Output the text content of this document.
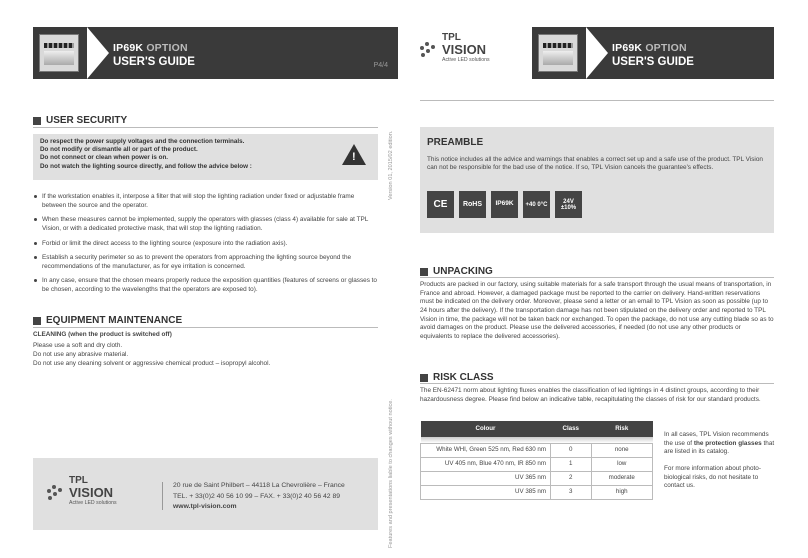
IP69K OPTION
USER'S GUIDE	P4/4
USER SECURITY

Do respect the power supply voltages and the connection terminals.

Do not modify or dismantle all or part of the product.

Do not connect or clean when power is on.

Do not watch the lighting source directly, and follow the advice below :

!
If the workstation enables it, interpose a filter that will stop the lighting radiation under fixed or adjustable frame between the source and the operator.
When these measures cannot be implemented, supply the operators with glasses (class 4) available for sale at TPL Vision, or with a dedicated protective mask, that will stop the lighting radiation.
Forbid or limit the direct access to the lighting source (exposure into the radiation axis).
Establish a security perimeter so as to prevent the operators from approaching the lighting source beyond the recommendations of the manufacturer, as for eye irritation is concerned.
In any case, ensure that the chosen means properly reduce the exposition quantities (features of screens or glasses to be chosen, according to the wavelengths that the operators are exposed to).
EQUIPMENT MAINTENANCE
CLEANING (when the product is switched off)
Please use a soft and dry cloth.
Do not use any abrasive material.
Do not use any cleaning solvent or aggressive chemical product – isopropyl alcohol.
TPL
VISION
Active LED solutions
20 rue de Saint Philbert – 44118 La Chevrolière – France
TEL. + 33(0)2 40 56 10 99 – FAX. + 33(0)2 40 56 42 89
www.tpl-vision.com
Version 01, 2015/02 edition.
Features and presentations liable to changes without notice.
TPL
VISION
Active LED solutions
IP69K OPTION
USER'S GUIDE
PREAMBLE

This notice includes all the advice and warnings that enables a correct set up and a safe use of the product. TPL Vision can not be responsible for the bad use of the notice. If so, TPL Vision cancels the guarantee's effects.

CE	RoHS	IP69K	+40 0°C	24V ±10%
UNPACKING
Products are packed in our factory, using suitable materials for a safe transport through the usual means of transportation, in France and abroad. However, a damaged package must be reported to the carrier on delivery. Hand-written reservations must be indicated on the delivery order. Moreover, please send a letter or an email to TPL Vision as soon as possible (up to 24 hours after the delivery). If the transportation damage has not been stipulated on the delivery order and reported to TPL Vision in time, the package will not be taken back nor exchanged. To open the package, do not use any cutting blade so as to avoid damages on the product. Please use the delivered accessories, if needed (do not use any other products or equivalents to replace the delivered accessories).
RISK CLASS
The EN-62471 norm about lighting fluxes enables the classification of led lightings in 4 distinct groups, according to their hazardousness degree. Please find below an indicative table, recapitulating the classes of risk for our standard products.
Colour	Class	Risk

White WHI, Green 525 nm, Red 630 nm	0	none
UV 405 nm, Blue 470 nm, IR 850 nm	1	low
UV 365 nm	2	moderate
UV 385 nm	3	high
In all cases, TPL Vision recommends the use of the protection glasses that are listed in its catalog.
For more information about photo-biological risks, do not hesitate to contact us.
